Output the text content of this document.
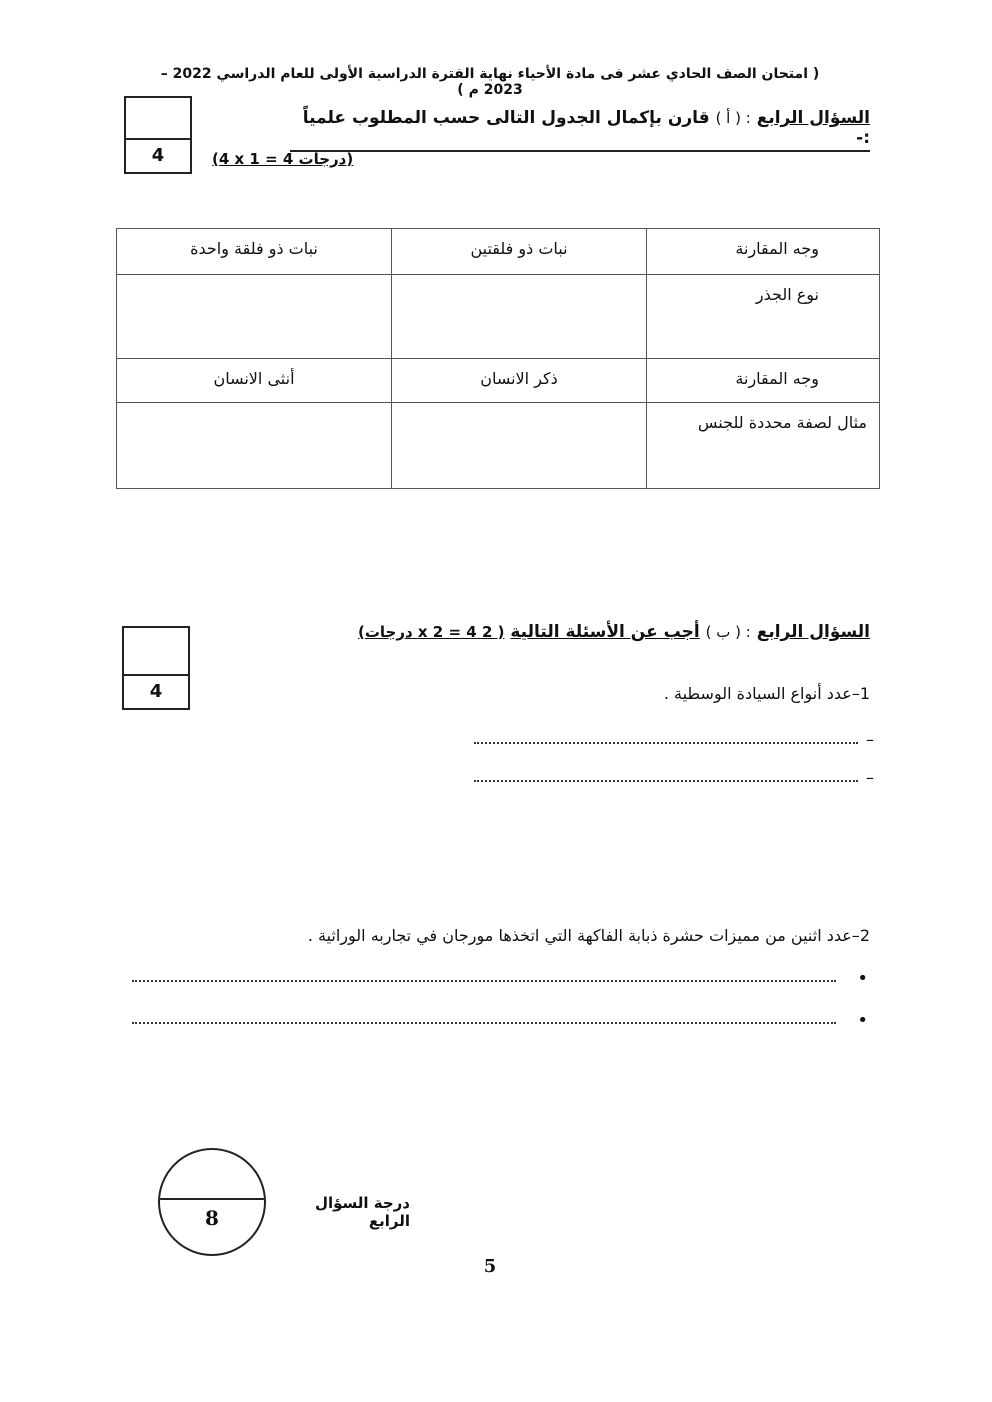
( امتحان الصف الحادي عشر فى مادة الأحياء نهاية الفترة الدراسية الأولى للعام الدراسي 2022 – 2023 م )
4
السؤال الرابع : ( أ ) قارن بإكمال الجدول التالى حسب المطلوب علمياً :-
(4 x 1 = 4 درجات)
وجه المقارنة	نبات ذو فلقتين	نبات ذو فلقة واحدة
نوع الجذر		
وجه المقارنة	ذكر الانسان	أنثى الانسان
مثال لصفة محددة للجنس		
4
السؤال الرابع : ( ب ) أجب عن الأسئلة التالية ( 2 x 2 = 4 درجات)
1–عدد أنواع السيادة الوسطية .
–
–
2–عدد اثنين من مميزات حشرة ذبابة الفاكهة التي اتخذها مورجان في تجاربه الوراثية .
•
•
8
درجة السؤال الرابع
5
